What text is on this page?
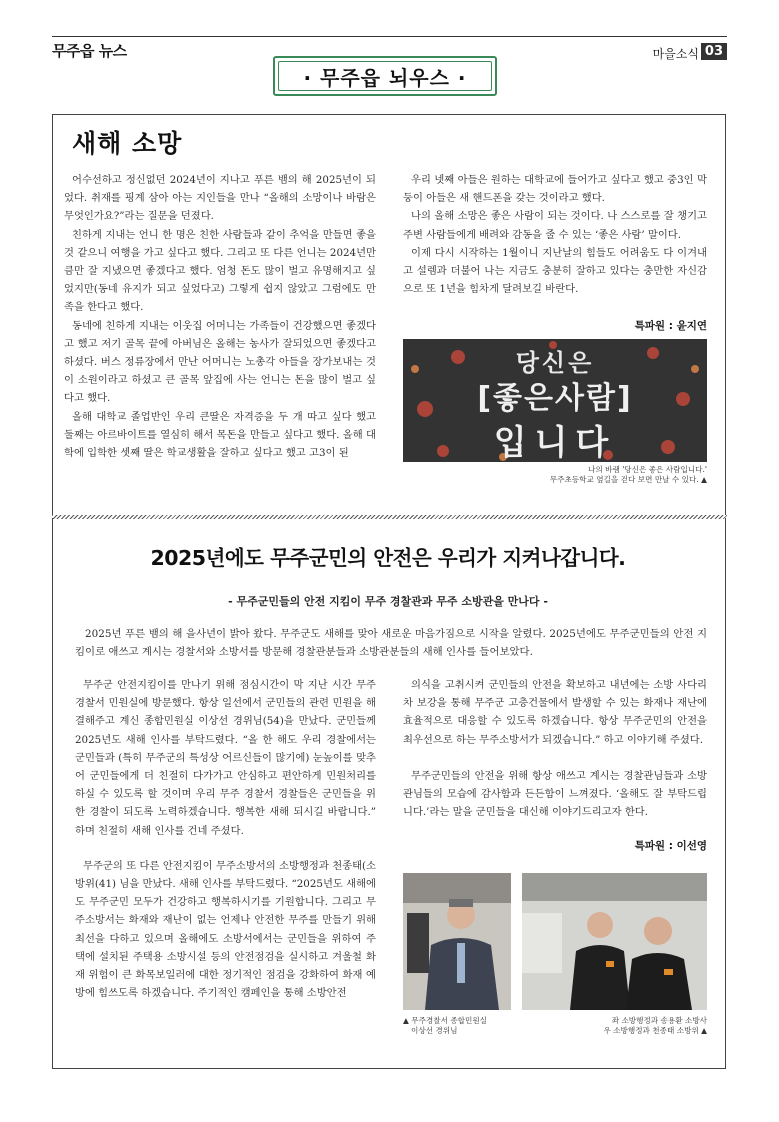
무주읍 뉴스	마을소식 03
· 무주읍 뇌우스 ·
새해 소망

어수선하고 정신없던 2024년이 지나고 푸른 뱀의 해 2025년이 되었다. 취재를 핑계 삼아 아는 지인들을 만나 “올해의 소망이나 바람은 무엇인가요?”라는 질문을 던졌다.

친하게 지내는 언니 한 명은 친한 사람들과 같이 추억을 만들면 좋을 것 같으니 여행을 가고 싶다고 했다. 그리고 또 다른 언니는 2024년만큼만 잘 지냈으면 좋겠다고 했다. 엄청 돈도 많이 벌고 유명해지고 싶었지만(동네 유지가 되고 싶었다고) 그렇게 쉽지 않았고 그럼에도 만족을 한다고 했다.

동네에 친하게 지내는 이웃집 어머니는 가족들이 건강했으면 좋겠다고 했고 저기 골목 끝에 아버님은 올해는 농사가 잘되었으면 좋겠다고 하셨다. 버스 정류장에서 만난 어머니는 노총각 아들을 장가보내는 것이 소원이라고 하셨고 큰 골목 앞집에 사는 언니는 돈을 많이 벌고 싶다고 했다.

올해 대학교 졸업반인 우리 큰딸은 자격증을 두 개 따고 싶다 했고 둘째는 아르바이트를 열심히 해서 목돈을 만들고 싶다고 했다. 올해 대학에 입학한 셋째 딸은 학교생활을 잘하고 싶다고 했고 고3이 된

우리 넷째 아들은 원하는 대학교에 들어가고 싶다고 했고 중3인 막둥이 아들은 새 핸드폰을 갖는 것이라고 했다.

나의 올해 소망은 좋은 사람이 되는 것이다. 나 스스로를 잘 챙기고 주변 사람들에게 배려와 감동을 줄 수 있는 ‘좋은 사람’ 말이다.

이제 다시 시작하는 1월이니 지난날의 힘들도 어려움도 다 이겨내고 설렘과 더불어 나는 지금도 충분히 잘하고 있다는 충만한 자신감으로 또 1년을 힘차게 달려보길 바란다.

특파원 : 윤지연
당신은
[좋은사람]
입니다
나의 바램 '당신은 좋은 사람입니다.'
무주초등학교 옆길을 걷다 보면 만날 수 있다. ▲
2025년에도 무주군민의 안전은 우리가 지켜나갑니다.
- 무주군민들의 안전 지킴이 무주 경찰관과 무주 소방관을 만나다 -

2025년 푸른 뱀의 해 을사년이 밝아 왔다. 무주군도 새해를 맞아 새로운 마음가짐으로 시작을 알렸다. 2025년에도 무주군민들의 안전 지킴이로 애쓰고 계시는 경찰서와 소방서를 방문해 경찰관분들과 소방관분들의 새해 인사를 들어보았다.

무주군 안전지킴이를 만나기 위해 점심시간이 막 지난 시간 무주 경찰서 민원실에 방문했다. 항상 일선에서 군민들의 관련 민원을 해결해주고 계신 종합민원실 이상선 경위님(54)을 만났다. 군민들께 2025년도 새해 인사를 부탁드렸다. “올 한 해도 우리 경찰에서는 군민들과 (특히 무주군의 특성상 어르신들이 많기에) 눈높이를 맞추어 군민들에게 더 친절히 다가가고 안심하고 편안하게 민원처리를 하실 수 있도록 할 것이며 우리 무주 경찰서 경찰들은 군민들을 위한 경찰이 되도록 노력하겠습니다. 행복한 새해 되시길 바랍니다.” 하며 친절히 새해 인사를 건네 주셨다.

무주군의 또 다른 안전지킴이 무주소방서의 소방행정과 천종태(소방위(41) 님을 만났다. 새해 인사를 부탁드렸다. “2025년도 새해에도 무주군민 모두가 건강하고 행복하시기를 기원합니다. 그리고 무주소방서는 화재와 재난이 없는 언제나 안전한 무주를 만들기 위해 최선을 다하고 있으며 올해에도 소방서에서는 군민들을 위하여 주택에 설치된 주택용 소방시설 등의 안전점검을 실시하고 겨울철 화재 위험이 큰 화목보일러에 대한 정기적인 점검을 강화하여 화재 예방에 힘쓰도록 하겠습니다. 주기적인 캠페인을 통해 소방안전

의식을 고취시켜 군민들의 안전을 확보하고 내년에는 소방 사다리차 보강을 통해 무주군 고층건물에서 발생할 수 있는 화재나 재난에 효율적으로 대응할 수 있도록 하겠습니다. 항상 무주군민의 안전을 최우선으로 하는 무주소방서가 되겠습니다.” 하고 이야기해 주셨다.

무주군민들의 안전을 위해 항상 애쓰고 계시는 경찰관님들과 소방관님들의 모습에 감사함과 든든함이 느껴졌다. ‘올해도 잘 부탁드립니다.’라는 말을 군민들을 대신해 이야기드리고자 한다.

특파원 : 이선영
▲ 무주경찰서 종합민원실
이상선 경위님
좌 소방행정과 송용환 소방사
우 소방행정과 천종태 소방위 ▲
